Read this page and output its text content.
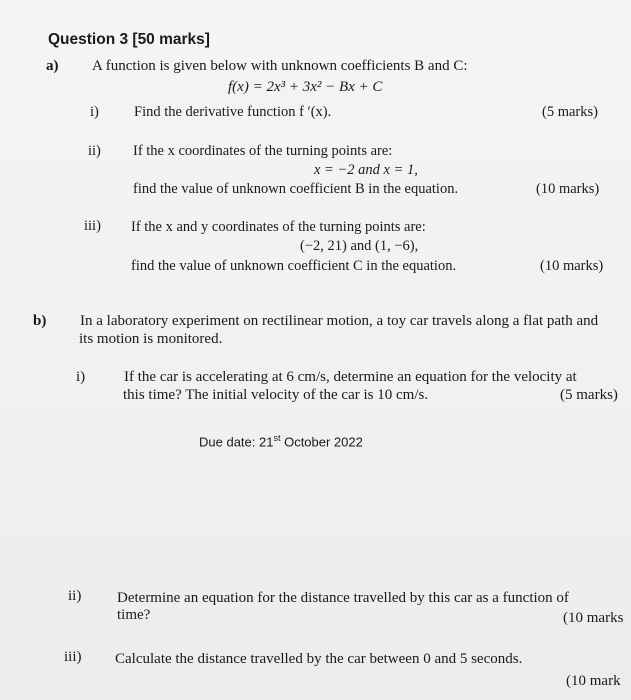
Question 3 [50 marks]
a) A function is given below with unknown coefficients B and C:
f(x) = 2x³ + 3x² − Bx + C
i) Find the derivative function f ′(x).	(5 marks)
ii) If the x coordinates of the turning points are:
x = −2 and x = 1,
find the value of unknown coefficient B in the equation.	(10 marks)
iii) If the x and y coordinates of the turning points are:
(−2, 21) and (1, −6),
find the value of unknown coefficient C in the equation.	(10 marks)
b) In a laboratory experiment on rectilinear motion, a toy car travels along a flat path and
its motion is monitored.
i)	If the car is accelerating at 6 cm/s, determine an equation for the velocity at
this time? The initial velocity of the car is 10 cm/s.	(5 marks)
Due date: 21st October 2022
ii) Determine an equation for the distance travelled by this car as a function of
time?	(10 marks
iii) Calculate the distance travelled by the car between 0 and 5 seconds.
(10 mark
